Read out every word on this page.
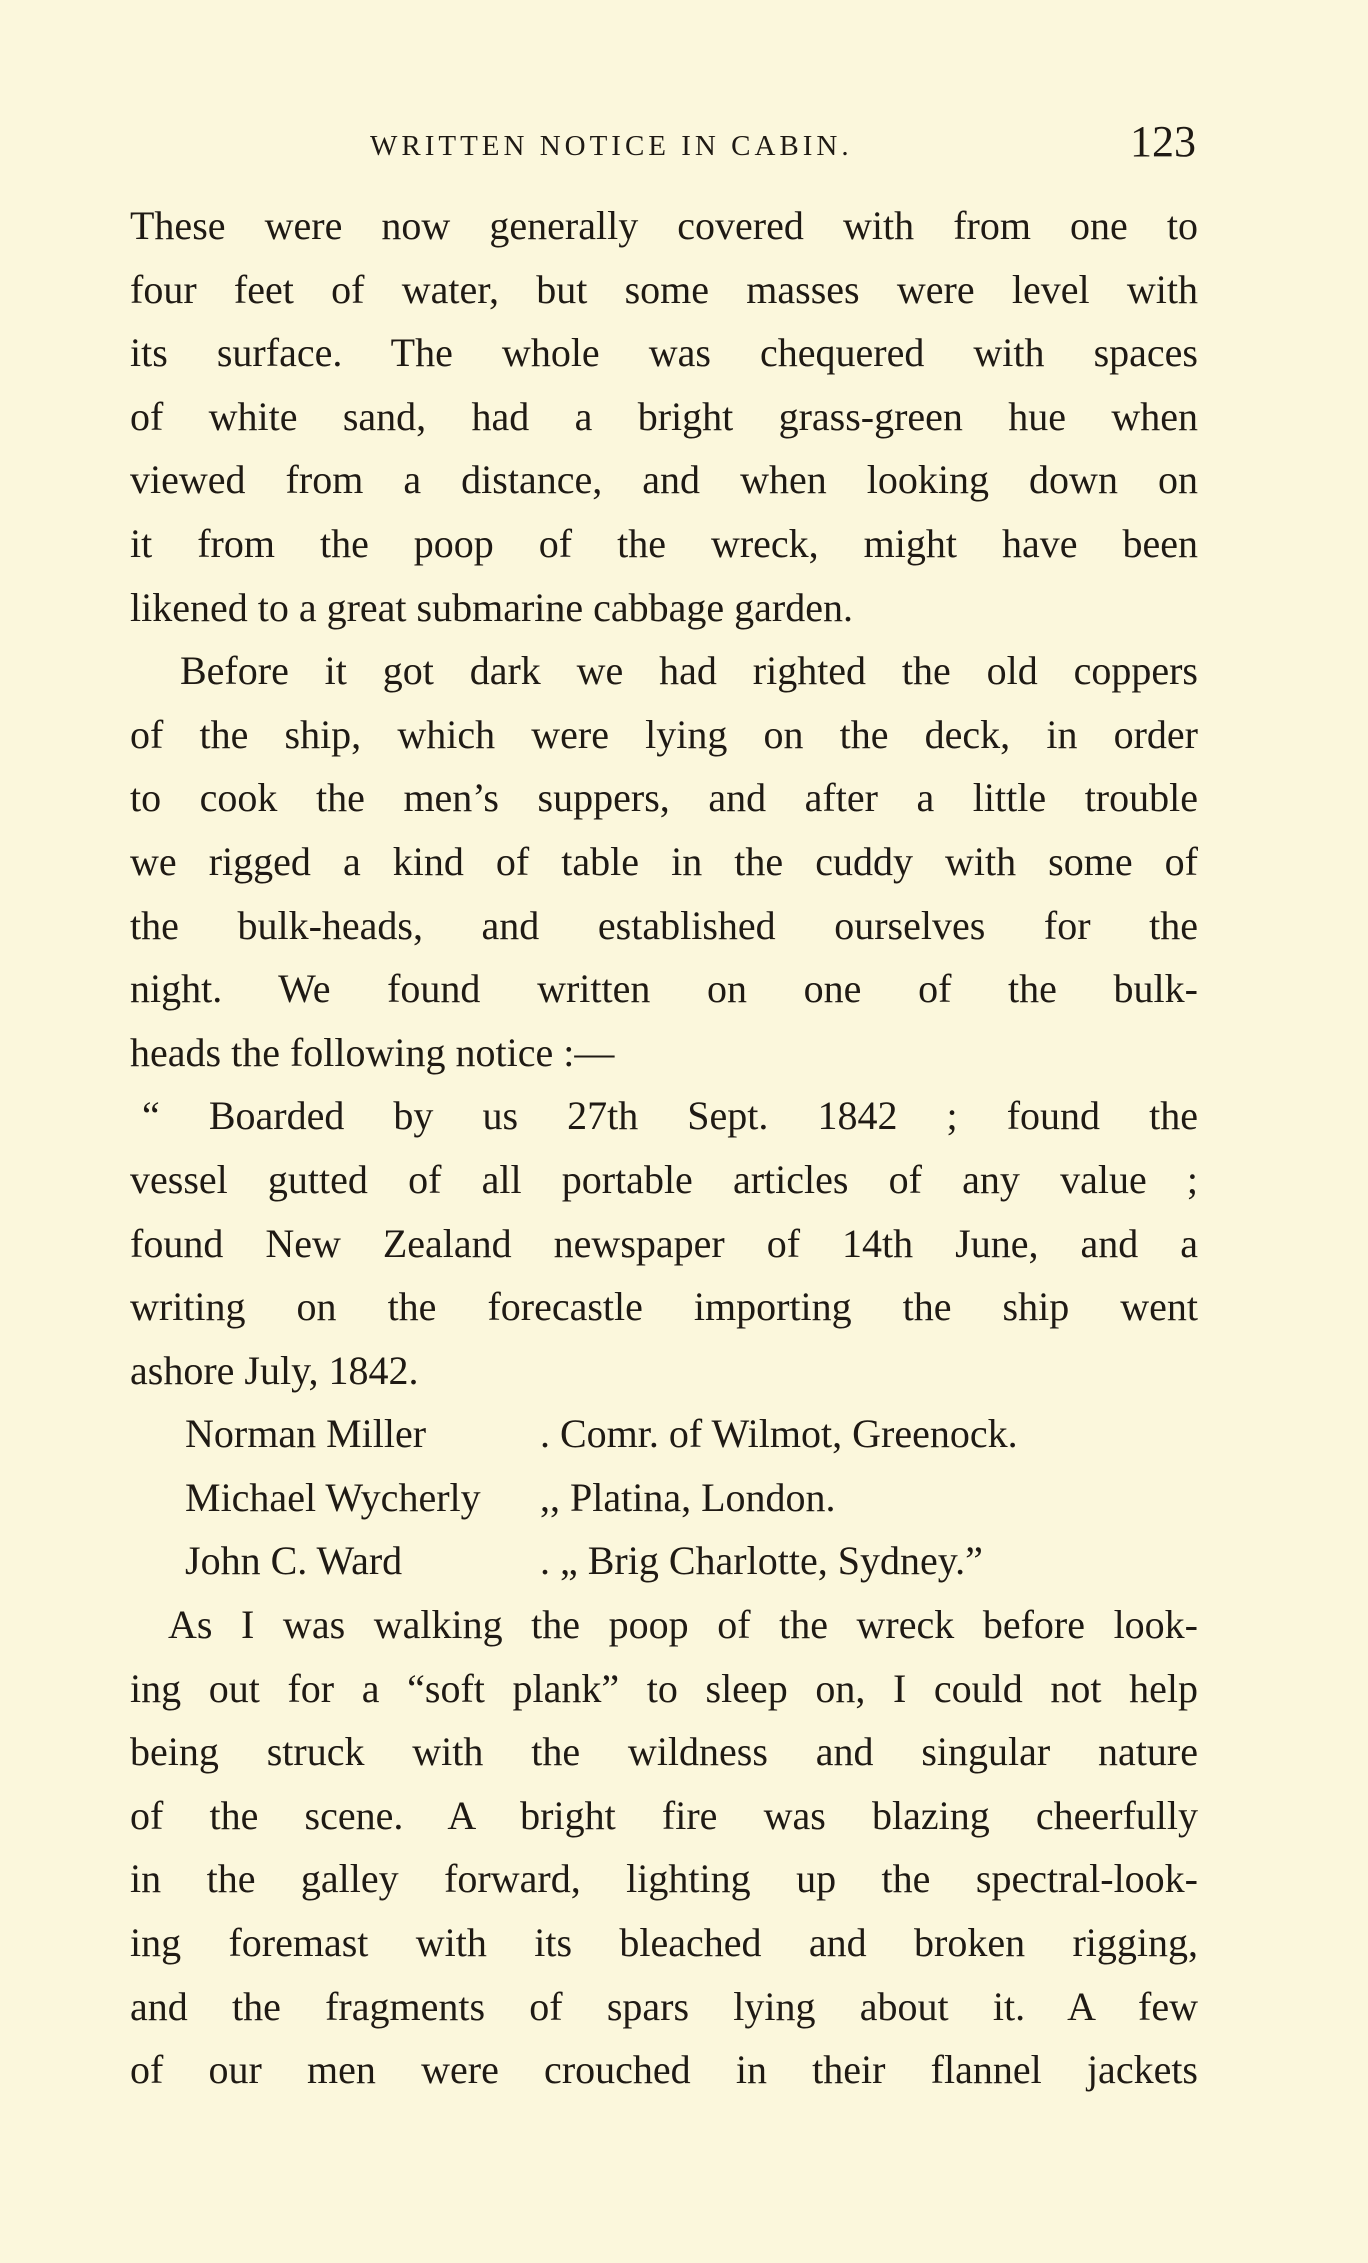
WRITTEN NOTICE IN CABIN.	123
These were now generally covered with from one to
four feet of water, but some masses were level with
its surface. The whole was chequered with spaces
of white sand, had a bright grass-green hue when
viewed from a distance, and when looking down on
it from the poop of the wreck, might have been
likened to a great submarine cabbage garden.
Before it got dark we had righted the old coppers
of the ship, which were lying on the deck, in order
to cook the men’s suppers, and after a little trouble
we rigged a kind of table in the cuddy with some of
the bulk-heads, and established ourselves for the
night. We found written on one of the bulk-
heads the following notice :—
“ Boarded by us 27th Sept. 1842 ; found the
vessel gutted of all portable articles of any value ;
found New Zealand newspaper of 14th June, and a
writing on the forecastle importing the ship went
ashore July, 1842.
Norman Miller	. Comr. of Wilmot, Greenock.
Michael Wycherly ,, Platina, London.
John C. Ward	. „ Brig Charlotte, Sydney.”
As I was walking the poop of the wreck before look-
ing out for a “soft plank” to sleep on, I could not help
being struck with the wildness and singular nature
of the scene. A bright fire was blazing cheerfully
in the galley forward, lighting up the spectral-look-
ing foremast with its bleached and broken rigging,
and the fragments of spars lying about it. A few
of our men were crouched in their flannel jackets
